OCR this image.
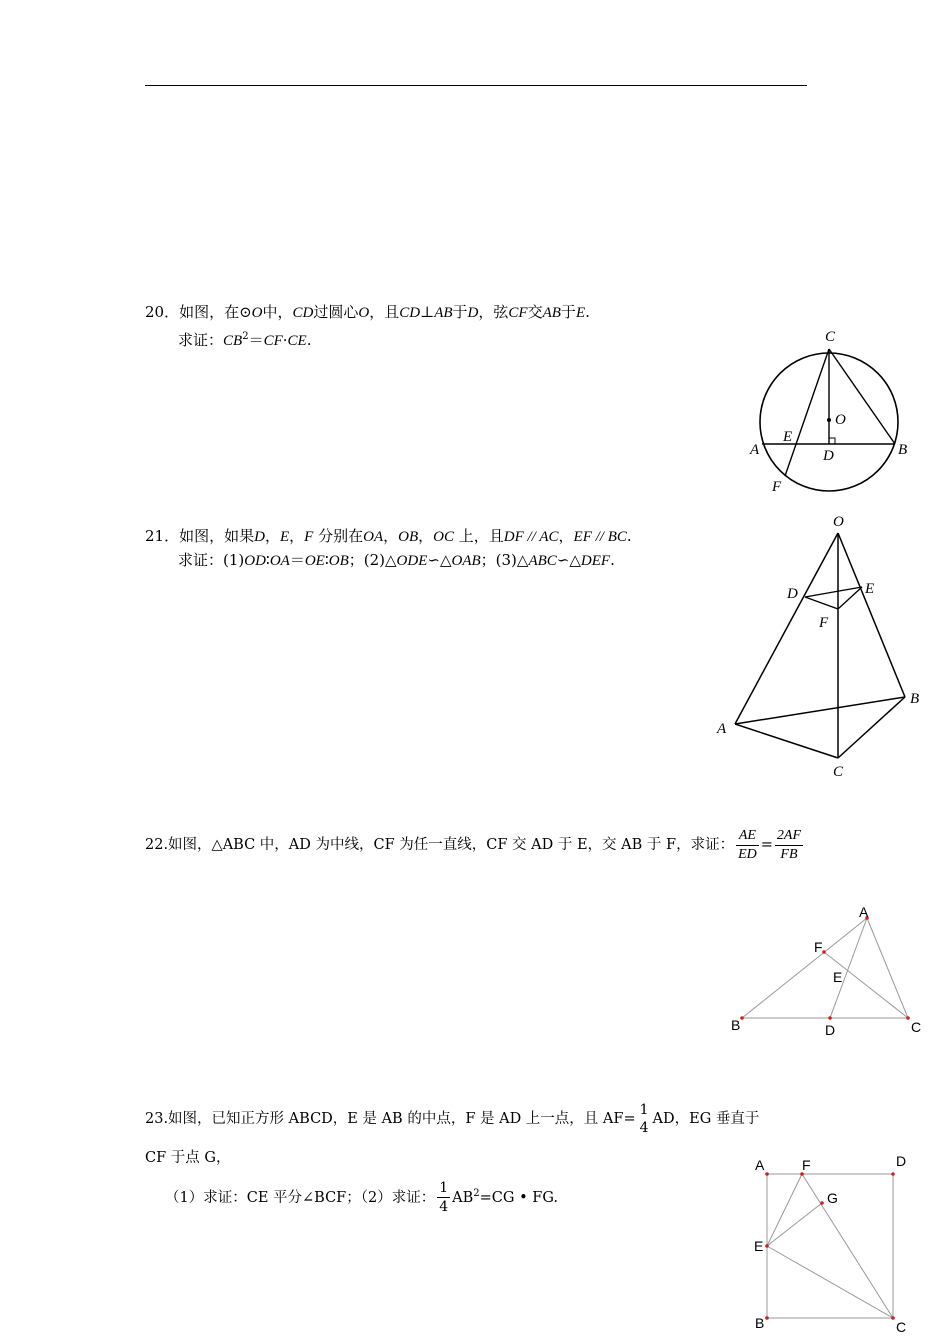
20．如图，在⊙O中，CD过圆心O，且CD⊥AB于D，弦CF交AB于E.
求证：$CB^2=CF\cdot CE$.	C
O
A
E
D	B
F
21．如图，如果D，E，F 分别在OA，OB，OC 上，且DF // AC，EF // BC.
求证：(1)OD∶OA＝OE∶OB；(2)△ODE∽△OAB；(3)△ABC∽△DEF.
O
D	E
F
A
B
C
22.如图，△ABC 中，AD 为中线，CF 为任一直线，CF 交 AD 于 E，交 AB 于 F，求证： $\frac{AE}{ED} = \frac{2AF}{FB}$
A
F
E
B	D	C
23.如图，已知正方形 ABCD，E 是 AB 的中点，F 是 AD 上一点，且 AF=
1
4
AD，EG 垂直于
CF 于点 G，
（1）求证：CE 平分∠BCF；（2）求证： $\frac{1}{4} AB^2=CG$ • FG.
A	F	D
G
E
B	C
